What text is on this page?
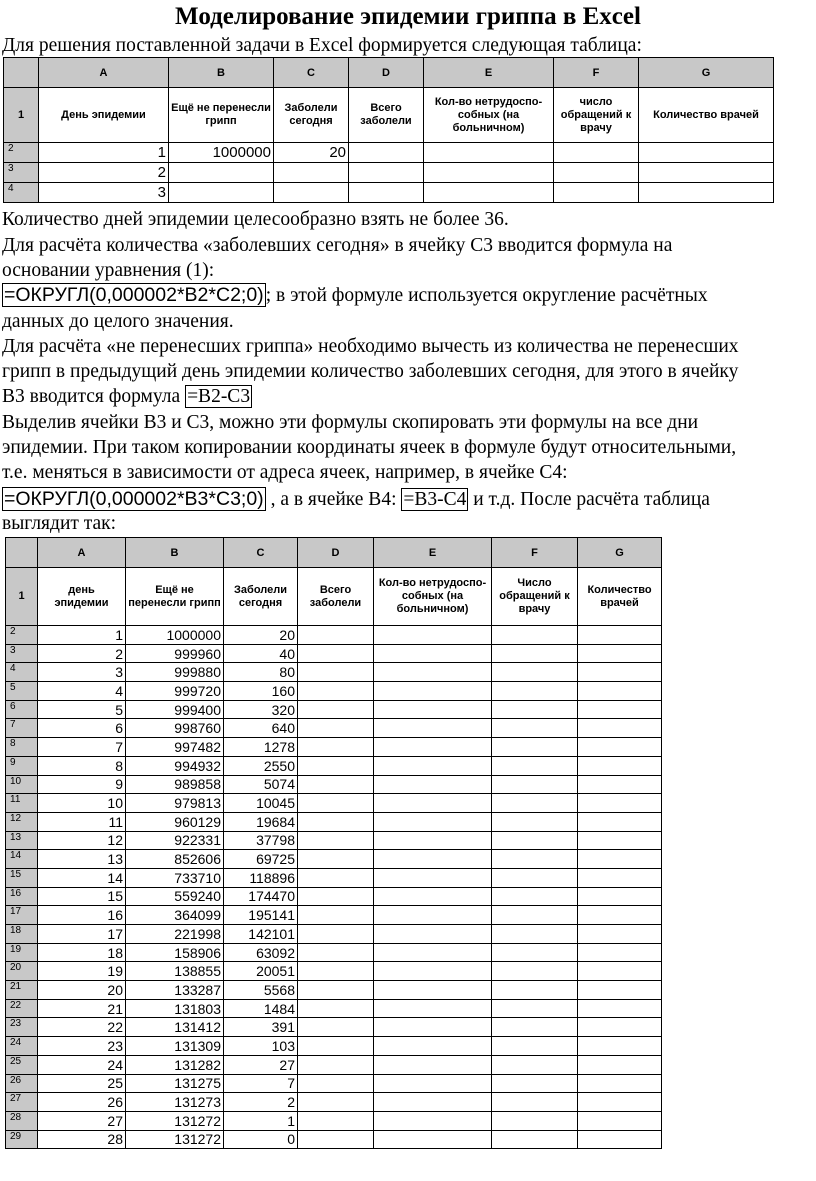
Моделирование эпидемии гриппа в Excel
Для решения поставленной задачи в Excel формируется следующая таблица:
	A	B	C	D	E	F	G
1	День эпидемии	Ещё не перенесли грипп	Заболели сегодня	Всего заболели	Кол-во нетрудоспо-собных (на больничном)	число обращений к врачу	Количество врачей
2	1	1000000	20				
3	2						
4	3						
Количество дней эпидемии целесообразно взять не более 36.
Для расчёта количества «заболевших сегодня» в ячейку С3 вводится формула на
основании уравнения (1):
=ОКРУГЛ(0,000002*B2*C2;0) ; в этой формуле используется округление расчётных
данных до целого значения.
Для расчёта «не перенесших гриппа» необходимо вычесть из количества не перенесших
грипп в предыдущий день эпидемии количество заболевших сегодня, для этого в ячейку
В3 вводится формула =B2-C3
Выделив ячейки В3 и С3, можно эти формулы скопировать эти формулы на все дни
эпидемии. При таком копировании координаты ячеек в формуле будут относительными,
т.е. меняться в зависимости от адреса ячеек, например, в ячейке С4:
=ОКРУГЛ(0,000002*B3*C3;0) , а в ячейке В4: =B3-C4 и т.д. После расчёта таблица
выглядит так:
	A	B	C	D	E	F	G
1	день эпидемии	Ещё не перенесли грипп	Заболели сегодня	Всего заболели	Кол-во нетрудоспо-собных (на больничном)	Число обращений к врачу	Количество врачей
2	1	1000000	20				
3	2	999960	40				
4	3	999880	80				
5	4	999720	160				
6	5	999400	320				
7	6	998760	640				
8	7	997482	1278				
9	8	994932	2550				
10	9	989858	5074				
11	10	979813	10045				
12	11	960129	19684				
13	12	922331	37798				
14	13	852606	69725				
15	14	733710	118896				
16	15	559240	174470				
17	16	364099	195141				
18	17	221998	142101				
19	18	158906	63092				
20	19	138855	20051				
21	20	133287	5568				
22	21	131803	1484				
23	22	131412	391				
24	23	131309	103				
25	24	131282	27				
26	25	131275	7				
27	26	131273	2				
28	27	131272	1				
29	28	131272	0				
